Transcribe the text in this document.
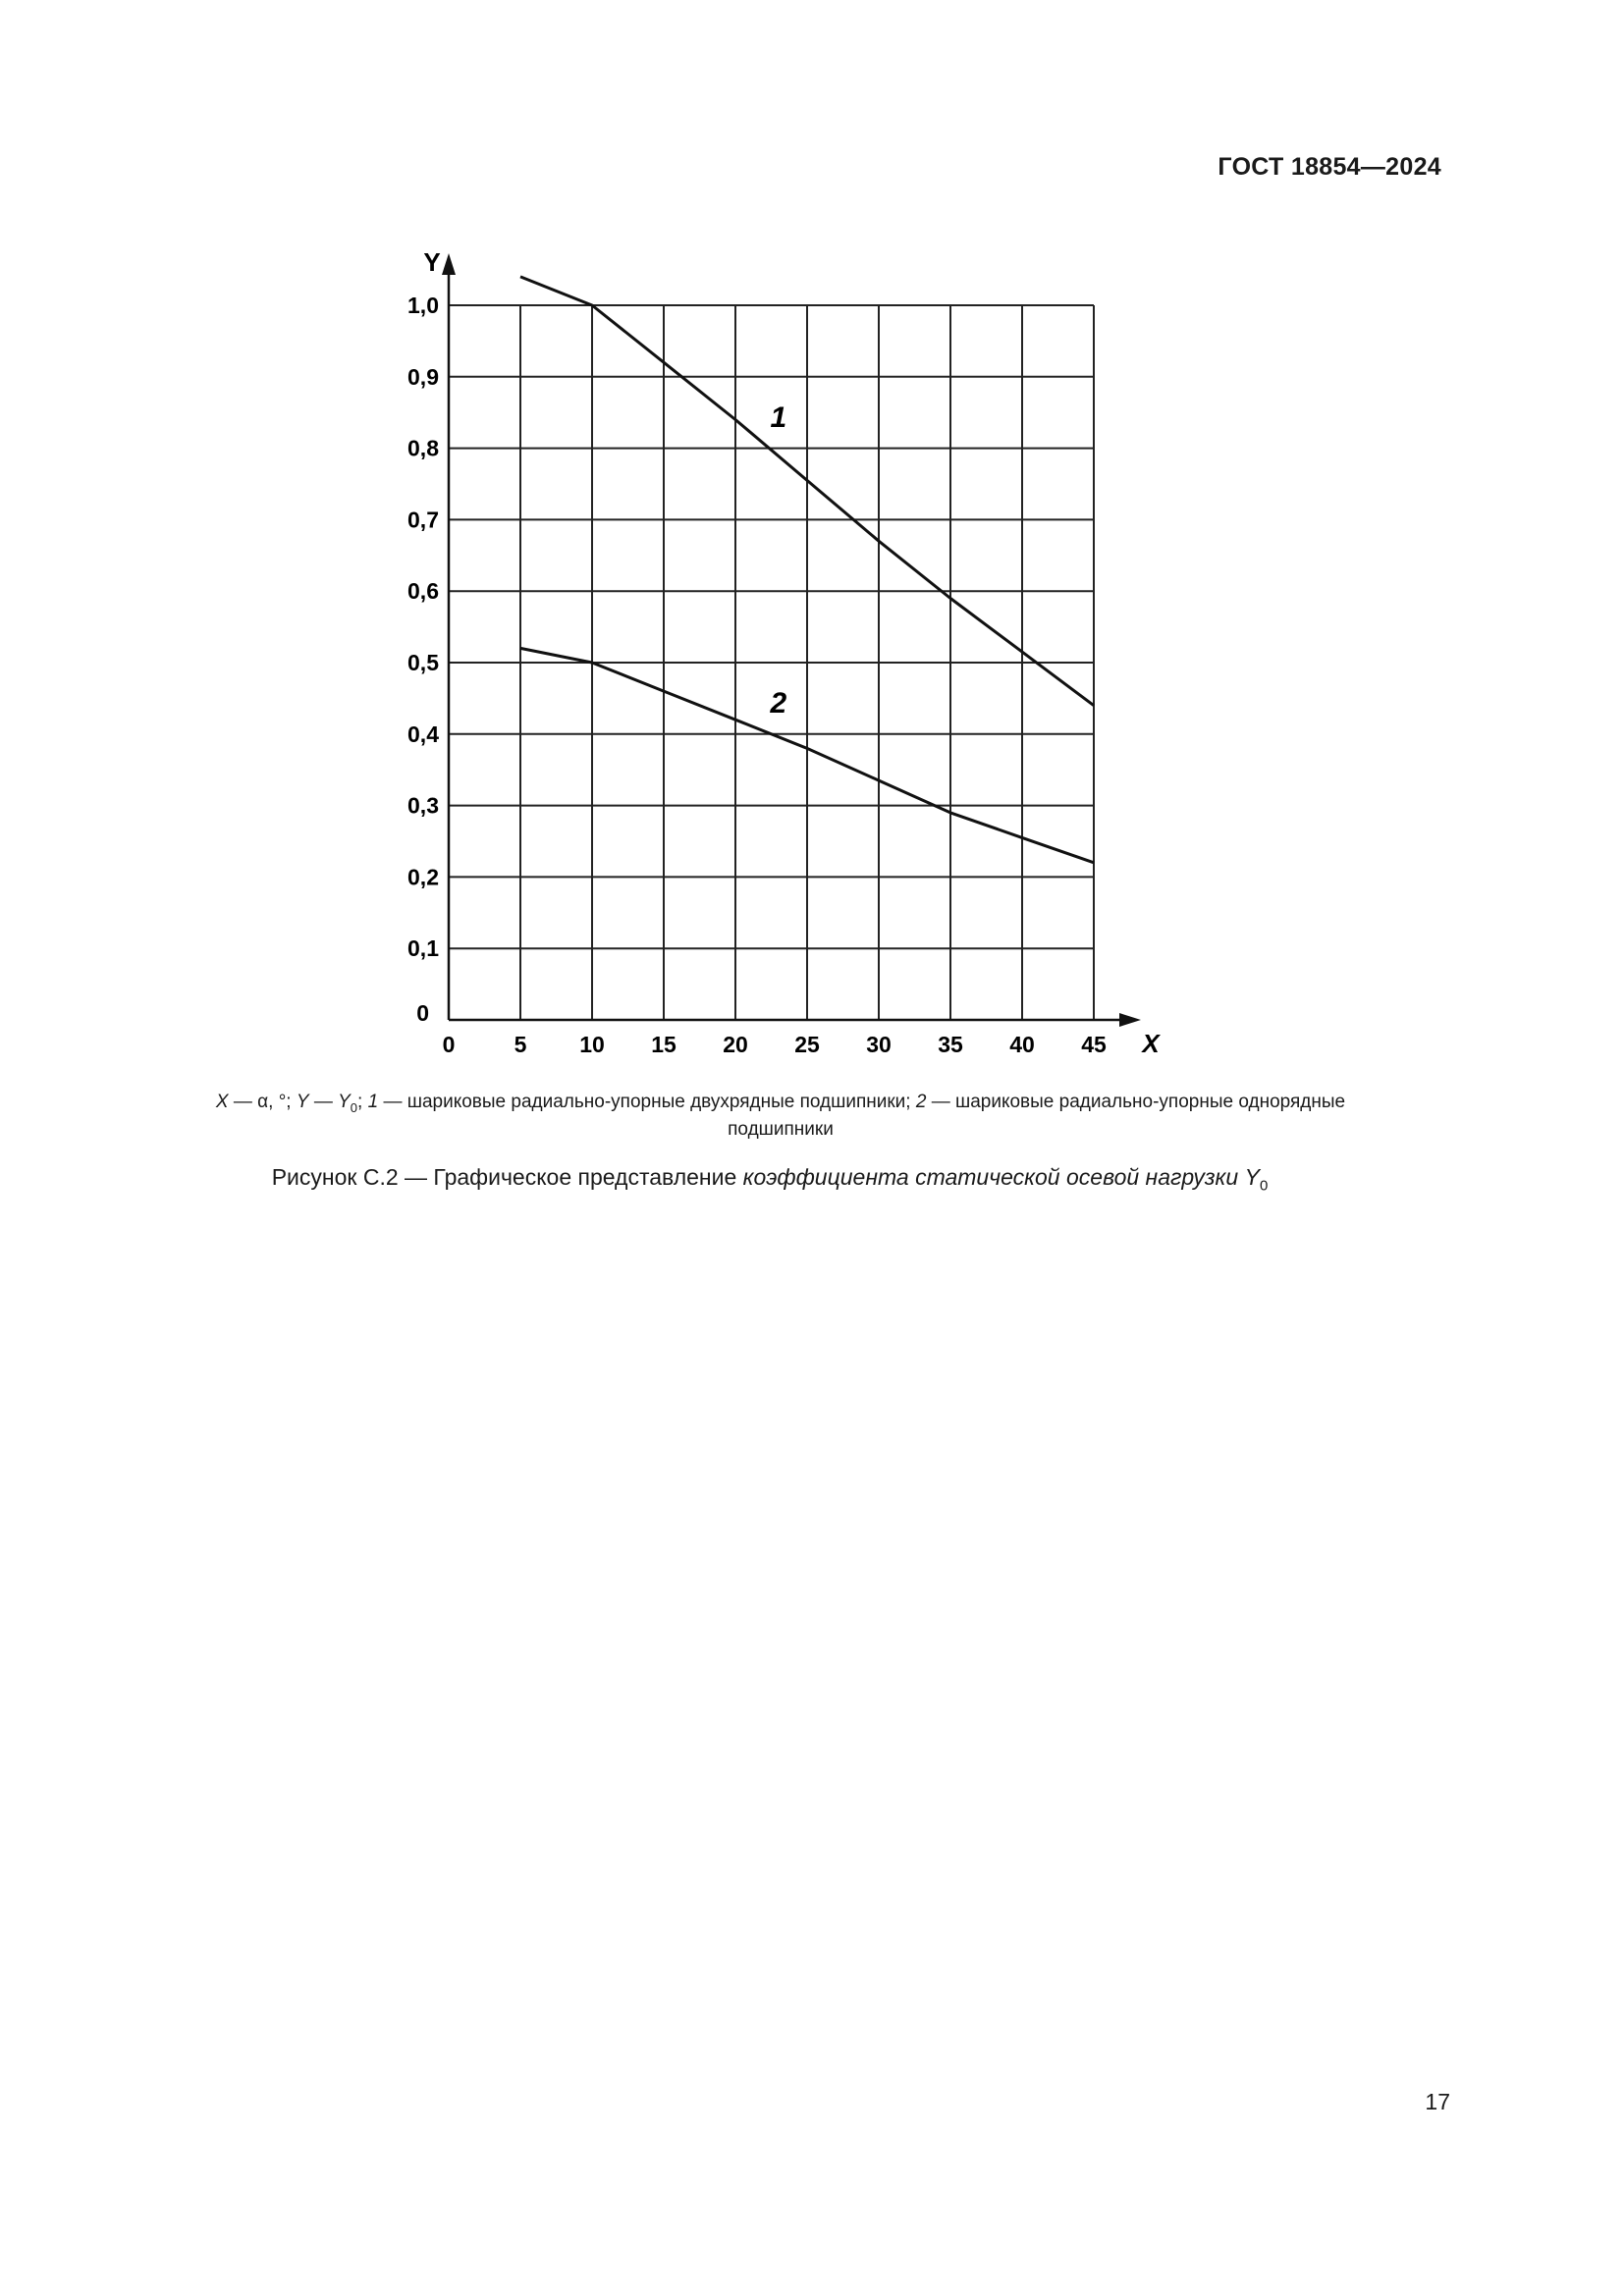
ГОСТ 18854—2024
1
2
Y
X
0	5 10 15 20 25 30 35 40 45
0
0,1
0,2
0,3
0,4
0,5
0,6
0,7
0,8
0,9
1,0
X — α, °; Y — $Y_0$; 1 — шариковые радиально-упорные двухрядные подшипники; 2 — шариковые радиально-упорные однорядные
подшипники
Рисунок С.2 — Графическое представление коэффициента статической осевой нагрузки $Y_0$
17
